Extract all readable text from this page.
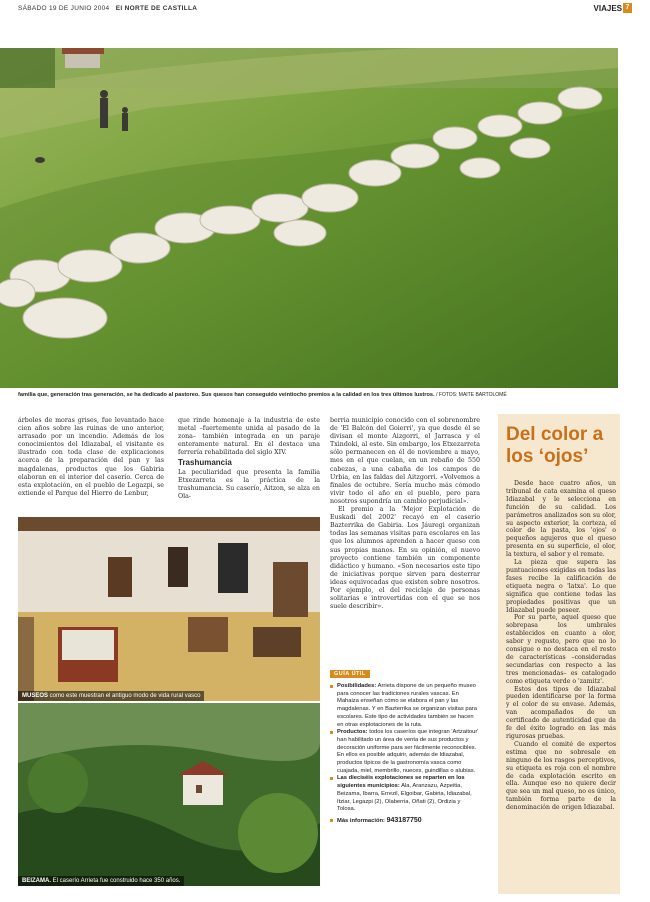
SÁBADO 19 DE JUNIO 2004 El NORTE DE CASTILLA	VIAJES 7
familia que, generación tras generación, se ha dedicado al pastoreo. Sus quesos han conseguido veintiocho premios a la calidad en los tres últimos lustros. / FOTOS: MAITE BARTOLOMÉ

árboles de moras grises, fue levantado hace cien años sobre las ruinas de uno anterior, arrasado por un incendio. Además de los conocimientos del Idiazabal, el visitante es ilustrado con toda clase de explicaciones acerca de la preparación del pan y las magdalenas, productos que los Gabiria elaboran en el interior del caserío. Cerca de esta explotación, en el pueblo de Legazpi, se extiende el Parque del Hierro de Lenbur,

que rinde homenaje a la industria de este metal –fuertemente unida al pasado de la zona– también integrada en un paraje enteramente natural. En él destaca una ferrería rehabilitada del siglo XIV.

Trashumancia

La peculiaridad que presenta la familia Etxezarreta es la práctica de la trashumancia. Su caserío, Aitzon, se alza en Ola-

berria municipio conocido con el sobrenombre de 'El Balcón del Goierri', ya que desde él se divisan el monte Aizgorri, el Jarrasca y el Txindoki, al este. Sin embargo, los Etxezarreta sólo permanecen en él de noviembre a mayo, mes en el que cuelan, en un rebaño de 550 cabezas, a una cabaña de los campos de Urbia, en las faldas del Aitzgorri. «Volvemos a finales de octubre. Sería mucho más cómodo vivir todo el año en el pueblo, pero para nosotros supondría un cambio perjudicial».

El premio a la 'Mejor Explotación de Euskadi del 2002' recayó en el caserío Bazterrika de Gabiria. Los Jáuregi organizan todas las semanas visitas para escolares en las que los alumnos aprenden a hacer queso con sus propias manos. En su opinión, el nuevo proyecto contiene también un componente didáctico y humano. «Son necesarios este tipo de iniciativas porque sirven para desterrar ideas equivocadas que existen sobre nosotros. Por ejemplo, el del reciclaje de personas solitarias e introvertidas con el que se nos suele describir».

MUSEOS como este muestran el antiguo modo de vida rural vasco
BEIZAMA. El caserío Arrieta fue construido hace 350 años.
GUÍA ÚTIL
Posibilidades: Arrieta dispone de un pequeño museo para conocer las tradiciones rurales vascas. En Mahaiza enseñan cómo se elabora el pan y las magdalenas. Y en Bazterrika se organizan visitas para escolares. Este tipo de actividades también se hacen en otras explotaciones de la ruta.
Productos: todos los caseríos que integran 'Artzaitour' han habilitado un área de venta de sus productos y decoración uniforme para ser fácilmente reconocibles. En ellos es posible adquirir, además de Idiazabal, productos típicos de la gastronomía vasca como cuajada, miel, membrillo, nueces, guindillas o alubias.
Las dieciséis explotaciones se reparten en los siguientes municipios: Ala, Aranzazu, Azpeitia, Beizama, Ibarra, Errezil, Elgoibar, Gabiria, Idiazabal, Itziar, Legazpi (2), Olaberria, Oñati (2), Ordizia y Tolosa.
Más información: 943187750
Del color a los ‘ojos’

Desde hace cuatro años, un tribunal de cata examina el queso Idiazabal y le selecciona en función de su calidad. Los parámetros analizados son su olor, su aspecto exterior, la corteza, el color de la pasta, los 'ojos' o pequeños agujeros que el queso presenta en su superficie, el olor, la textura, el sabor y el remate.

La pieza que supera las puntuaciones exigidas en todas las fases recibe la calificación de etiqueta negra o 'latxa'. Lo que significa que contiene todas las propiedades positivas que un Idiazabal puede poseer.

Por su parte, aquel queso que sobrepasa los umbrales establecidos en cuanto a olor, sabor y regusto, pero que no lo consigue o no destaca en el resto de características –consideradas secundarias con respecto a las tres mencionadas– es catalogado como etiqueta verde o 'zamitz'.

Estos dos tipos de Idiazabal pueden identificarse por la forma y el color de su envase. Además, van acompañados de un certificado de autenticidad que da fe del éxito logrado en las más rigurosas pruebas.

Cuando el comité de expertos estima que no sobresale en ninguno de los rasgos perceptivos, su etiqueta es roja con el nombre de cada explotación escrito en ella. Aunque eso no quiere decir que sea un mal queso, no es único, también forma parte de la denominación de origen Idiazabal.
